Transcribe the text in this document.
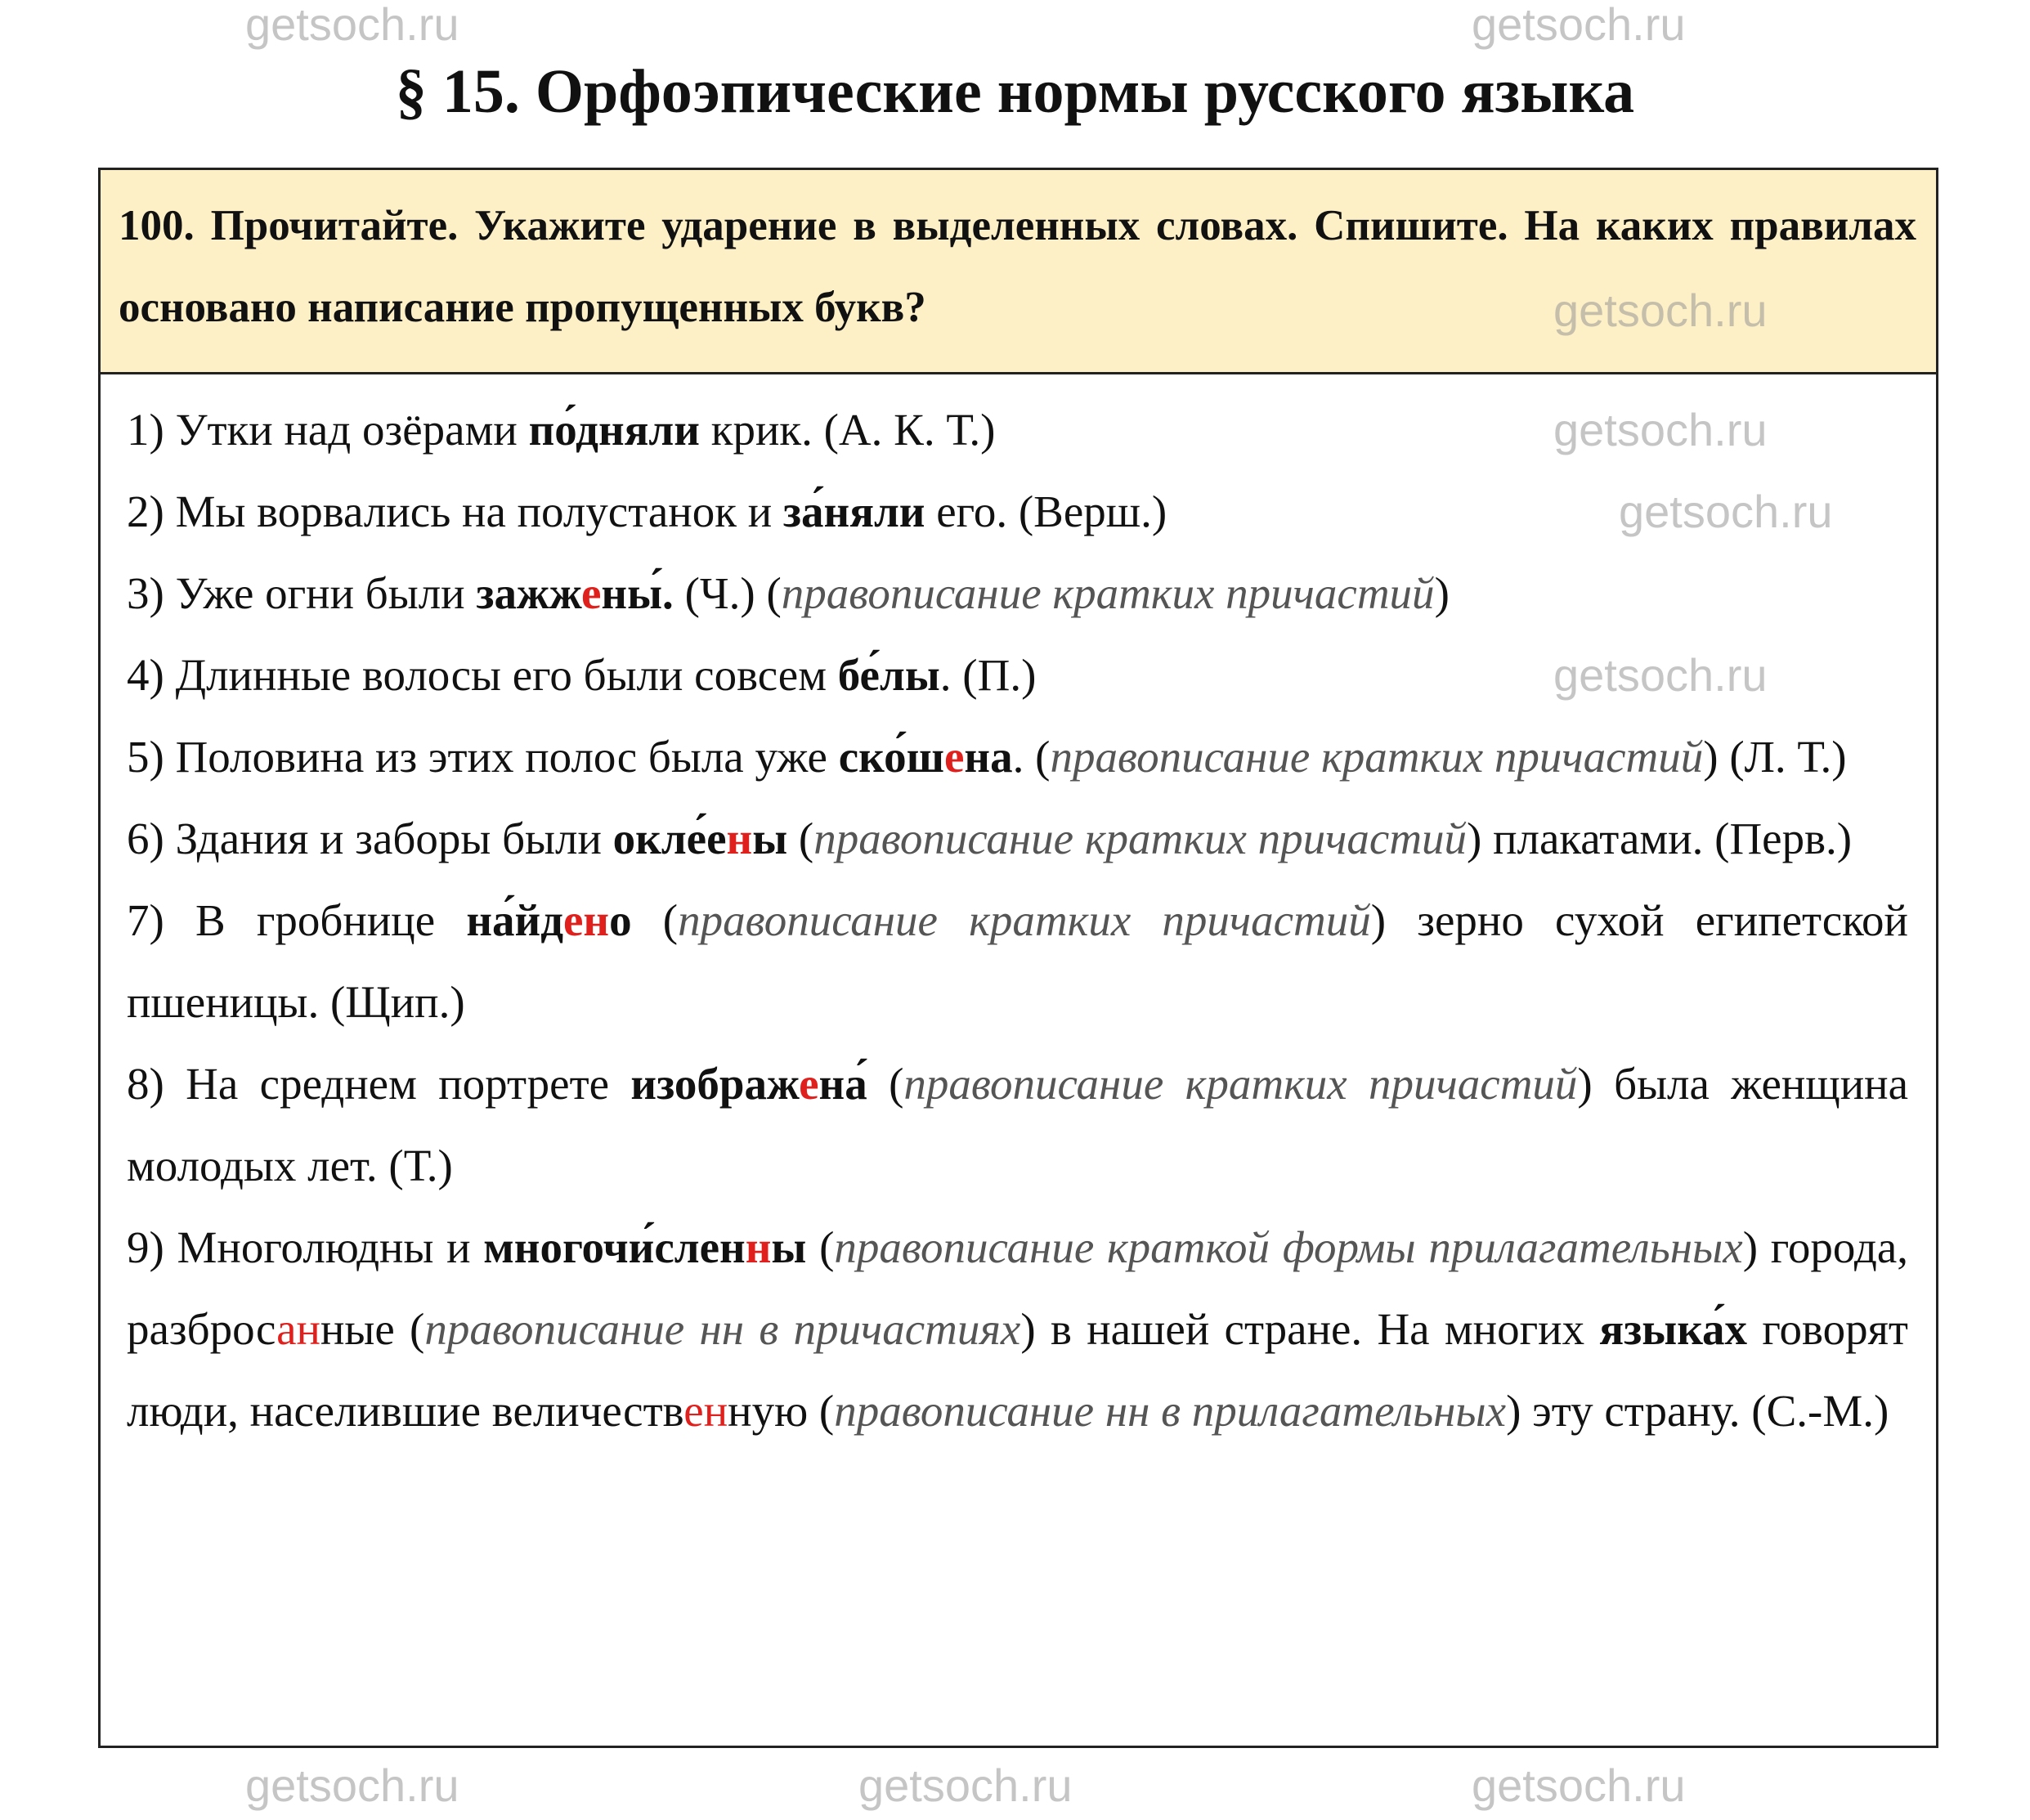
§ 15. Орфоэпические нормы русского языка
100. Прочитайте. Укажите ударение в выделенных словах. Спишите. На каких правилах основано написание пропущенных букв?
1) Утки над озёрами по́дняли крик. (А. К. Т.)
2) Мы ворвались на полустанок и за́няли его. (Верш.)
3) Уже огни были зажжены́. (Ч.) (правописание кратких причастий)
4) Длинные волосы его были совсем бе́лы. (П.)
5) Половина из этих полос была уже ско́шена. (правописание кратких причастий) (Л. Т.)
6) Здания и заборы были окле́ены (правописание кратких причастий) плакатами. (Перв.)
7) В гробнице на́йдено (правописание кратких причастий) зерно сухой египетской пшеницы. (Щип.)
8) На среднем портрете изображена́ (правописание кратких причастий) была женщина молодых лет. (Т.)
9) Многолюдны и многочи́сленны (правописание краткой формы прилагательных) города, разбросанные (правописание нн в причастиях) в нашей стране. На многих языка́х говорят люди, населившие величественную (правописание нн в прилагательных) эту страну. (С.-М.)
getsoch.ru	getsoch.ru
getsoch.ru
getsoch.ru
getsoch.ru
getsoch.ru
getsoch.ru	getsoch.ru	getsoch.ru
